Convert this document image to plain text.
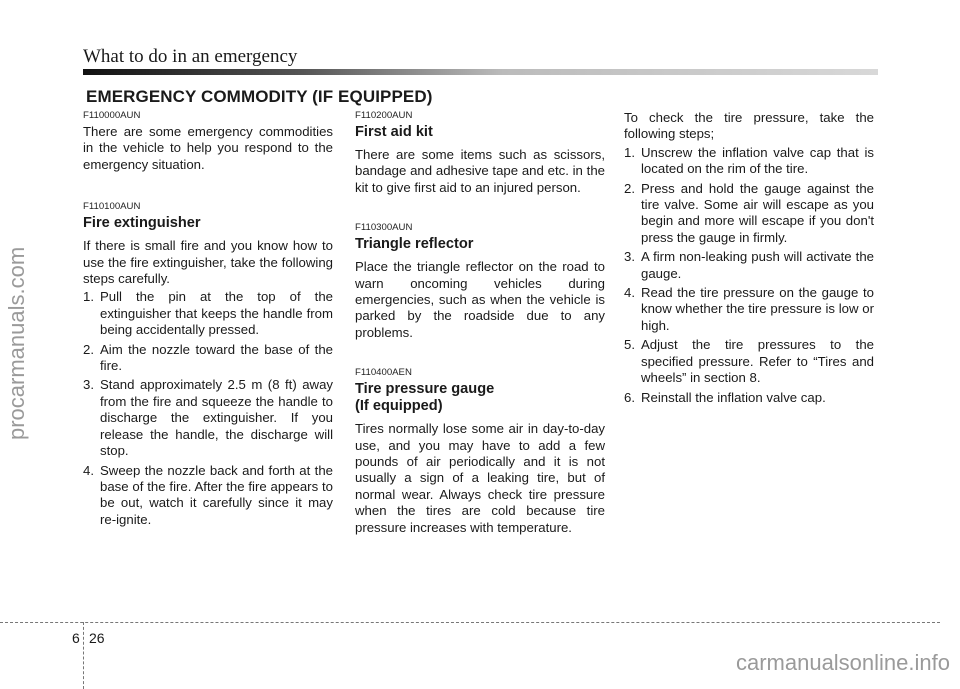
What to do in an emergency
EMERGENCY COMMODITY (IF EQUIPPED)
F110000AUN
There are some emergency commodities in the vehicle to help you respond to the emergency situation.
F110100AUN
Fire extinguisher
If there is small fire and you know how to use the fire extinguisher, take the following steps carefully.
1. Pull the pin at the top of the extinguisher that keeps the handle from being accidentally pressed.
2. Aim the nozzle toward the base of the fire.
3. Stand approximately 2.5 m (8 ft) away from the fire and squeeze the handle to discharge the extinguisher. If you release the handle, the discharge will stop.
4. Sweep the nozzle back and forth at the base of the fire. After the fire appears to be out, watch it carefully since it may re-ignite.
F110200AUN
First aid kit
There are some items such as scissors, bandage and adhesive tape and etc. in the kit to give first aid to an injured person.
F110300AUN
Triangle reflector
Place the triangle reflector on the road to warn oncoming vehicles during emergencies, such as when the vehicle is parked by the roadside due to any problems.
F110400AEN
Tire pressure gauge
(If equipped)
Tires normally lose some air in day-to-day use, and you may have to add a few pounds of air periodically and it is not usually a sign of a leaking tire, but of normal wear. Always check tire pressure when the tires are cold because tire pressure increases with temperature.
To check the tire pressure, take the following steps;
1. Unscrew the inflation valve cap that is located on the rim of the tire.
2. Press and hold the gauge against the tire valve. Some air will escape as you begin and more will escape if you don't press the gauge in firmly.
3. A firm non-leaking push will activate the gauge.
4. Read the tire pressure on the gauge to know whether the tire pressure is low or high.
5. Adjust the tire pressures to the specified pressure. Refer to “Tires and wheels” in section 8.
6. Reinstall the inflation valve cap.
procarmanuals.com
carmanualsonline.info
6 26
